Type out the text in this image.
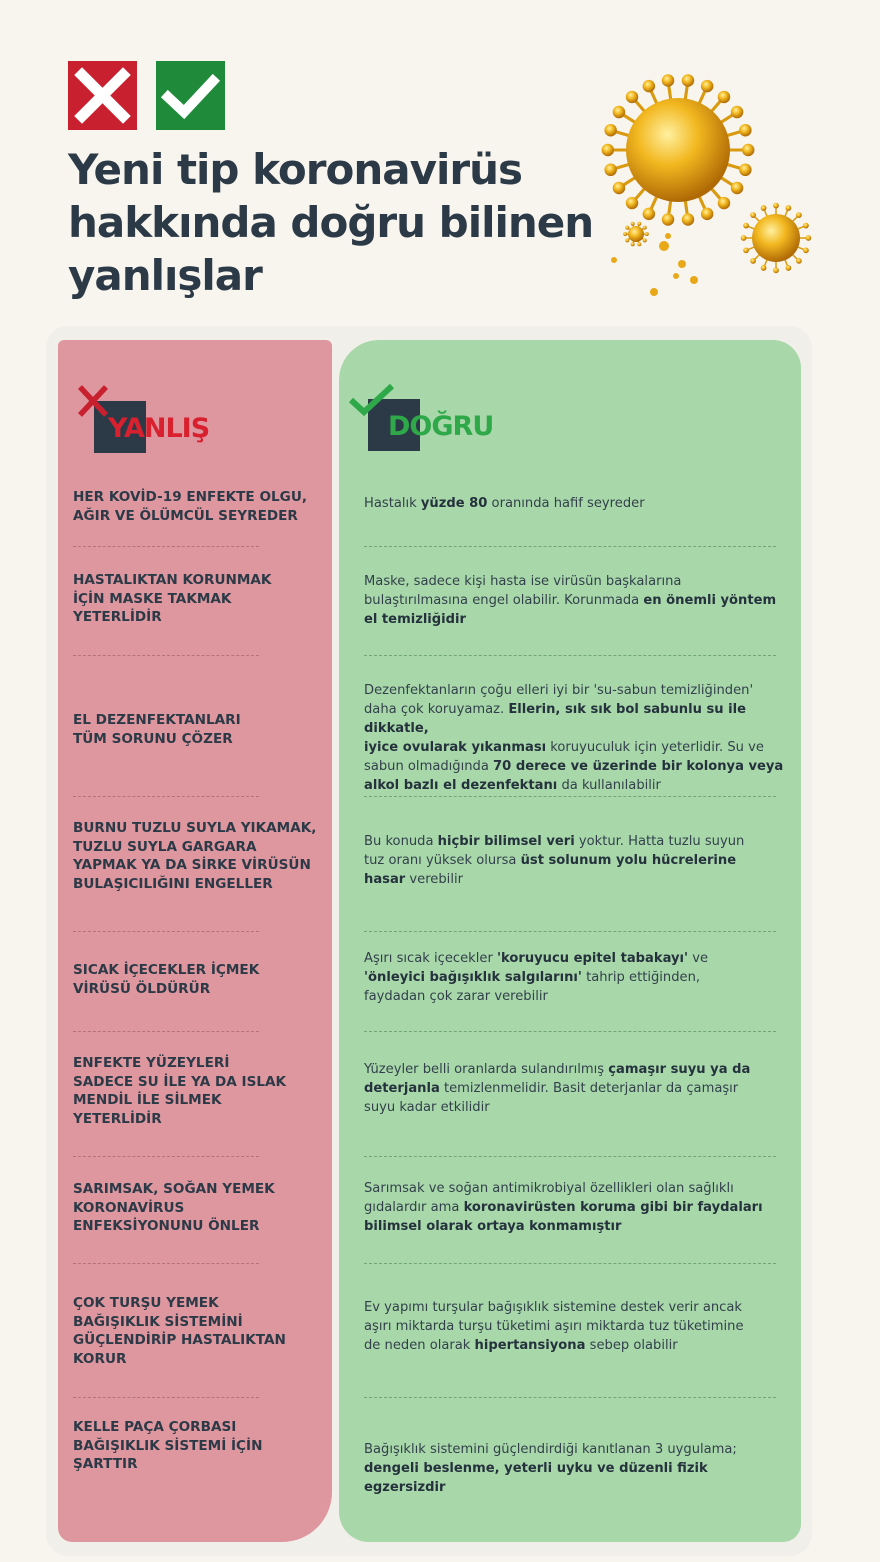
Yeni tip koronavirüs
hakkında doğru bilinen
yanlışlar
YANLIŞ	DOĞRU
HER KOVİD-19 ENFEKTE OLGU,
AĞIR VE ÖLÜMCÜL SEYREDER
Hastalık yüzde 80 oranında hafif seyreder
HASTALIKTAN KORUNMAK
İÇİN MASKE TAKMAK
YETERLİDİR
Maske, sadece kişi hasta ise virüsün başkalarına
bulaştırılmasına engel olabilir. Korunmada en önemli yöntem
el temizliğidir
EL DEZENFEKTANLARI
TÜM SORUNU ÇÖZER
Dezenfektanların çoğu elleri iyi bir 'su-sabun temizliğinden'
daha çok koruyamaz. Ellerin, sık sık bol sabunlu su ile dikkatle,
iyice ovularak yıkanması koruyuculuk için yeterlidir. Su ve
sabun olmadığında 70 derece ve üzerinde bir kolonya veya
alkol bazlı el dezenfektanı da kullanılabilir
BURNU TUZLU SUYLA YIKAMAK,
TUZLU SUYLA GARGARA
YAPMAK YA DA SİRKE VİRÜSÜN
BULAŞICILIĞINI ENGELLER
Bu konuda hiçbir bilimsel veri yoktur. Hatta tuzlu suyun
tuz oranı yüksek olursa üst solunum yolu hücrelerine
hasar verebilir
SICAK İÇECEKLER İÇMEK
VİRÜSÜ ÖLDÜRÜR
Aşırı sıcak içecekler 'koruyucu epitel tabakayı' ve
'önleyici bağışıklık salgılarını' tahrip ettiğinden,
faydadan çok zarar verebilir
ENFEKTE YÜZEYLERİ
SADECE SU İLE YA DA ISLAK
MENDİL İLE SİLMEK
YETERLİDİR
Yüzeyler belli oranlarda sulandırılmış çamaşır suyu ya da
deterjanla temizlenmelidir. Basit deterjanlar da çamaşır
suyu kadar etkilidir
SARIMSAK, SOĞAN YEMEK
KORONAVİRUS
ENFEKSİYONUNU ÖNLER
Sarımsak ve soğan antimikrobiyal özellikleri olan sağlıklı
gıdalardır ama koronavirüsten koruma gibi bir faydaları
bilimsel olarak ortaya konmamıştır
ÇOK TURŞU YEMEK
BAĞIŞIKLIK SİSTEMİNİ
GÜÇLENDİRİP HASTALIKTAN
KORUR
Ev yapımı turşular bağışıklık sistemine destek verir ancak
aşırı miktarda turşu tüketimi aşırı miktarda tuz tüketimine
de neden olarak hipertansiyona sebep olabilir
KELLE PAÇA ÇORBASI
BAĞIŞIKLIK SİSTEMİ İÇİN
ŞARTTIR
Bağışıklık sistemini güçlendirdiği kanıtlanan 3 uygulama;
dengeli beslenme, yeterli uyku ve düzenli fizik egzersizdir
